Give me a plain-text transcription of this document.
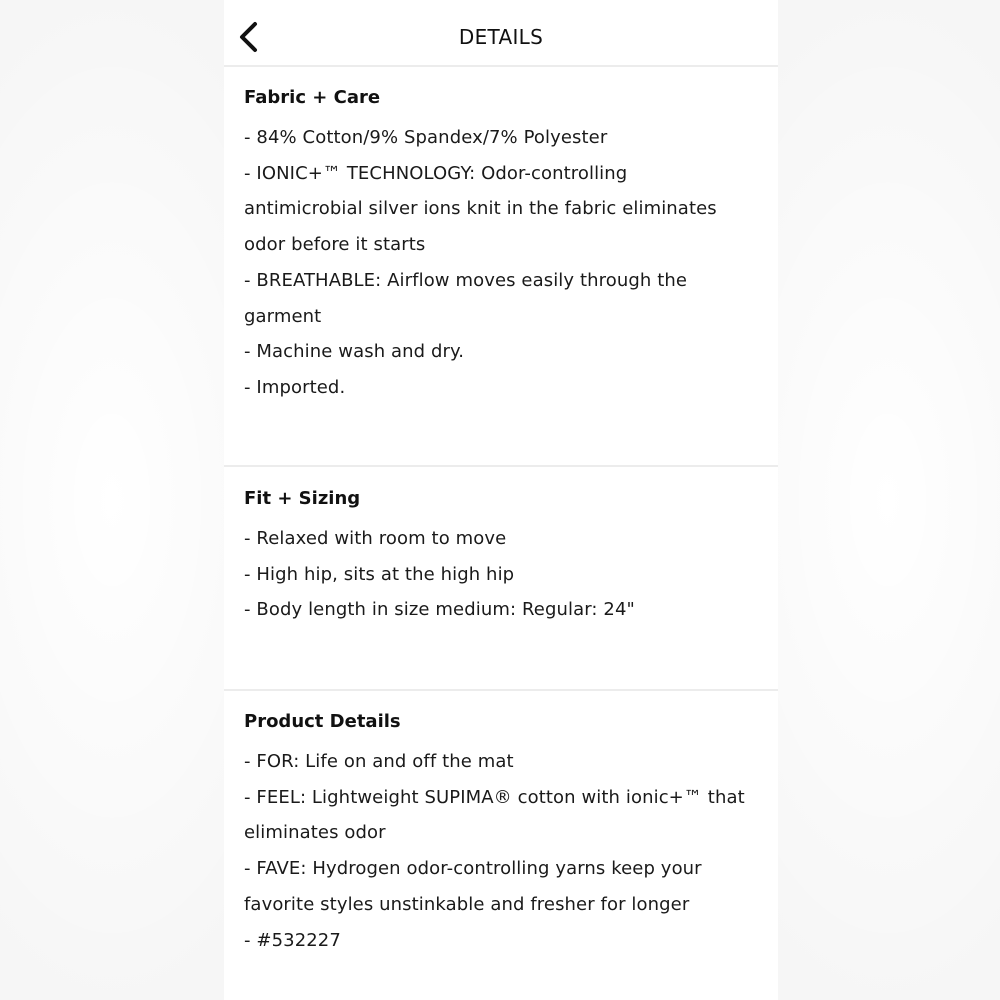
DETAILS
Fabric + Care
- 84% Cotton/9% Spandex/7% Polyester
- IONIC+™ TECHNOLOGY: Odor-controlling
antimicrobial silver ions knit in the fabric eliminates
odor before it starts
- BREATHABLE: Airflow moves easily through the
garment
- Machine wash and dry.
- Imported.
Fit + Sizing
- Relaxed with room to move
- High hip, sits at the high hip
- Body length in size medium: Regular: 24"
Product Details
- FOR: Life on and off the mat
- FEEL: Lightweight SUPIMA® cotton with ionic+™ that
eliminates odor
- FAVE: Hydrogen odor-controlling yarns keep your
favorite styles unstinkable and fresher for longer
- #532227
